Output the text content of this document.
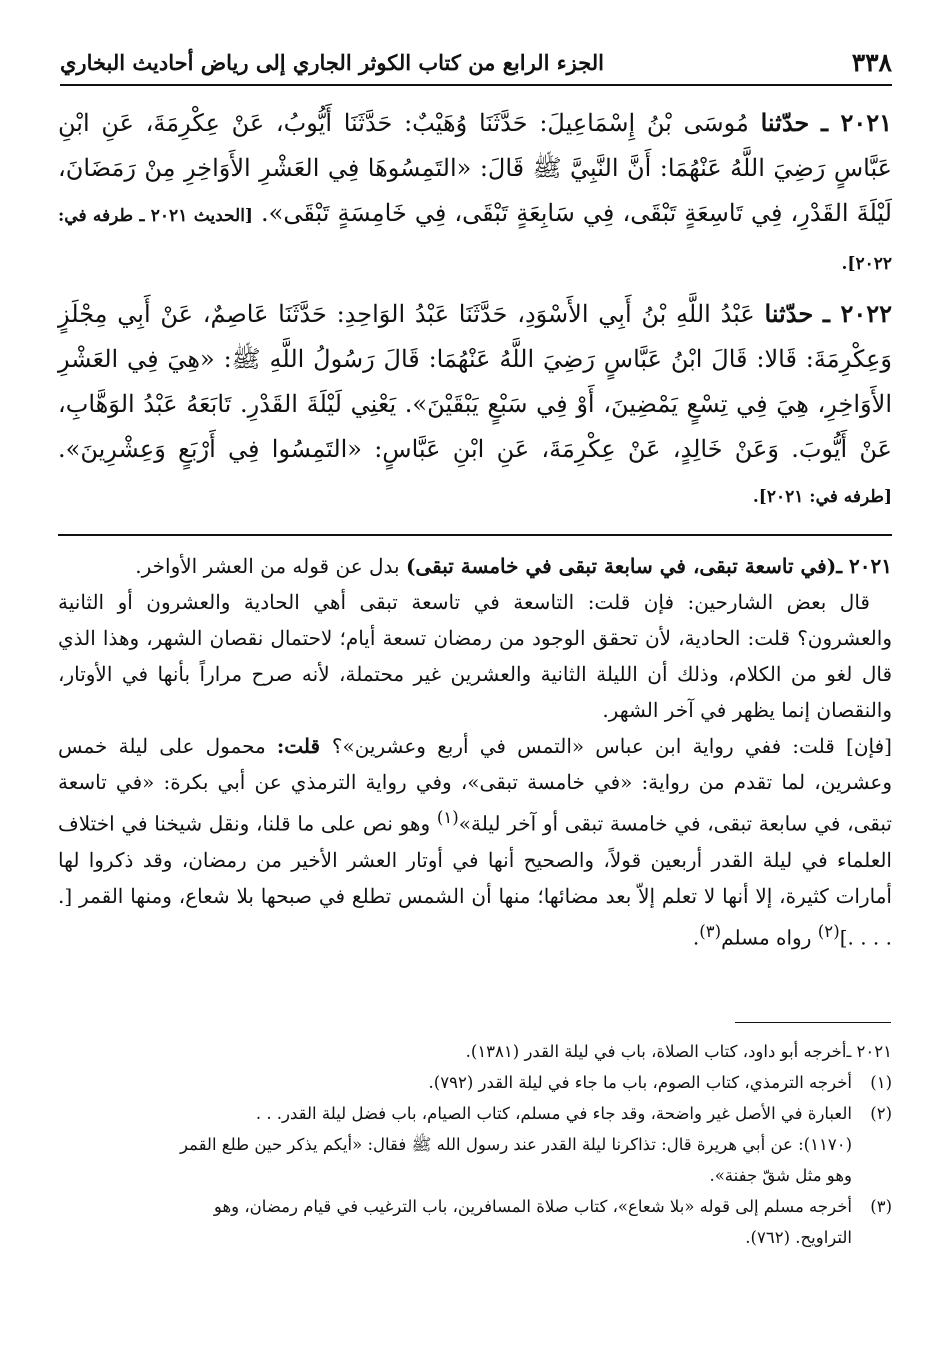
٣٣٨
الجزء الرابع من كتاب الكوثر الجاري إلى رياض أحاديث البخاري

٢٠٢١ ـ حدّثنا مُوسَى بْنُ إِسْمَاعِيلَ: حَدَّثَنَا وُهَيْبٌ: حَدَّثَنَا أَيُّوبُ، عَنْ عِكْرِمَةَ، عَنِ ابْنِ عَبَّاسٍ رَضِيَ اللَّهُ عَنْهُمَا: أَنَّ النَّبِيَّ ﷺ قَالَ: «التَمِسُوهَا فِي العَشْرِ الأَوَاخِرِ مِنْ رَمَضَانَ، لَيْلَةَ القَدْرِ، فِي تَاسِعَةٍ تَبْقَى، فِي سَابِعَةٍ تَبْقَى، فِي خَامِسَةٍ تَبْقَى». [الحديث ٢٠٢١ ـ طرفه في: ٢٠٢٢].

٢٠٢٢ ـ حدّثنا عَبْدُ اللَّهِ بْنُ أَبِي الأَسْوَدِ، حَدَّثَنَا عَبْدُ الوَاحِدِ: حَدَّثَنَا عَاصِمٌ، عَنْ أَبِي مِجْلَزٍ وَعِكْرِمَةَ: قَالا: قَالَ ابْنُ عَبَّاسٍ رَضِيَ اللَّهُ عَنْهُمَا: قَالَ رَسُولُ اللَّهِ ﷺ: «هِيَ فِي العَشْرِ الأَوَاخِرِ، هِيَ فِي تِسْعٍ يَمْضِينَ، أَوْ فِي سَبْعٍ يَبْقَيْنَ». يَعْنِي لَيْلَةَ القَدْرِ. تَابَعَهُ عَبْدُ الوَهَّابِ، عَنْ أَيُّوبَ. وَعَنْ خَالِدٍ، عَنْ عِكْرِمَةَ، عَنِ ابْنِ عَبَّاسٍ: «التَمِسُوا فِي أَرْبَعٍ وَعِشْرِينَ». [طرفه في: ٢٠٢١].

٢٠٢١ ـ(في تاسعة تبقى، في سابعة تبقى في خامسة تبقى) بدل عن قوله من العشر الأواخر.

قال بعض الشارحين: فإن قلت: التاسعة في تاسعة تبقى أهي الحادية والعشرون أو الثانية والعشرون؟ قلت: الحادية، لأن تحقق الوجود من رمضان تسعة أيام؛ لاحتمال نقصان الشهر، وهذا الذي قال لغو من الكلام، وذلك أن الليلة الثانية والعشرين غير محتملة، لأنه صرح مراراً بأنها في الأوتار، والنقصان إنما يظهر في آخر الشهر.

[فإن] قلت: ففي رواية ابن عباس «التمس في أربع وعشرين»؟ قلت: محمول على ليلة خمس وعشرين، لما تقدم من رواية: «في خامسة تبقى»، وفي رواية الترمذي عن أبي بكرة: «في تاسعة تبقى، في سابعة تبقى، في خامسة تبقى أو آخر ليلة»$^{(١)}$ وهو نص على ما قلنا، ونقل شيخنا في اختلاف العلماء في ليلة القدر أربعين قولاً، والصحيح أنها في أوتار العشر الأخير من رمضان، وقد ذكروا لها أمارات كثيرة، إلا أنها لا تعلم إلاّ بعد مضائها؛ منها أن الشمس تطلع في صبحها بلا شعاع، ومنها القمر [. . . . .]$^{(٢)}$ رواه مسلم$^{(٣)}$.

٢٠٢١ ـ
أخرجه أبو داود، كتاب الصلاة، باب في ليلة القدر (١٣٨١).
(١)
أخرجه الترمذي، كتاب الصوم، باب ما جاء في ليلة القدر (٧٩٢).
(٢)
العبارة في الأصل غير واضحة، وقد جاء في مسلم، كتاب الصيام، باب فضل ليلة القدر. . .
(١١٧٠): عن أبي هريرة قال: تذاكرنا ليلة القدر عند رسول الله ﷺ فقال: «أيكم يذكر حين طلع القمر
وهو مثل شقّ جفنة».
(٣)
أخرجه مسلم إلى قوله «بلا شعاع»، كتاب صلاة المسافرين، باب الترغيب في قيام رمضان، وهو
التراويح. (٧٦٢).
